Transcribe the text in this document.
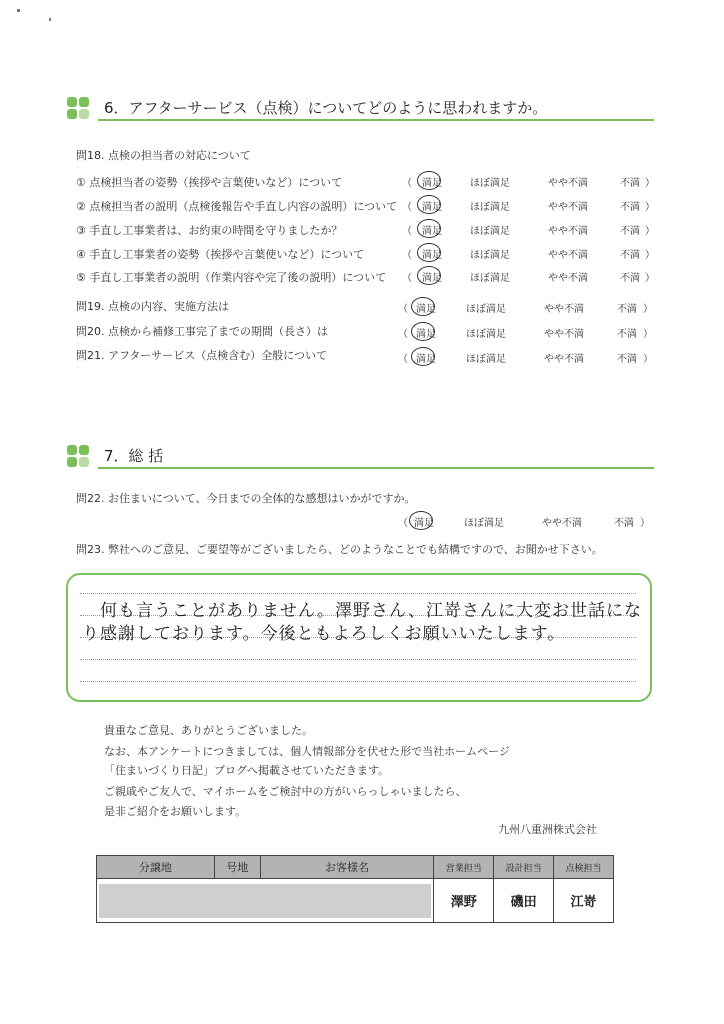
6．アフターサービス（点検）についてどのように思われますか。
問18. 点検の担当者の対応について
① 点検担当者の姿勢（挨拶や言葉使いなど）について	（ 満足	ほぼ満足	やや不満	不満 ）
② 点検担当者の説明（点検後報告や手直し内容の説明）について （ 満足	ほぼ満足	やや不満	不満 ）
③ 手直し工事業者は、お約束の時間を守りましたか？	（ 満足	ほぼ満足	やや不満	不満 ）
④ 手直し工事業者の姿勢（挨拶や言葉使いなど）について	（ 満足	ほぼ満足	やや不満	不満 ）
⑤ 手直し工事業者の説明（作業内容や完了後の説明）について （ 満足	ほぼ満足	やや不満	不満 ）
問19. 点検の内容、実施方法は	（ 満足	ほぼ満足	やや不満	不満 ）
問20. 点検から補修工事完了までの期間（長さ）は	（ 満足	ほぼ満足	やや不満	不満 ）
問21. アフターサービス（点検含む）全般について	（ 満足	ほぼ満足	やや不満	不満 ）
7．総 括
問22. お住まいについて、今日までの全体的な感想はいかがですか。
（ 満足	ほぼ満足	やや不満	不満 ）
問23. 弊社へのご意見、ご要望等がございましたら、どのようなことでも結構ですので、お聞かせ下さい。
何も言うことがありません。澤野さん、江嵜さんに大変お世話にな
り感謝しております。今後ともよろしくお願いいたします。
貴重なご意見、ありがとうございました。
なお、本アンケートにつきましては、個人情報部分を伏せた形で当社ホームページ
「住まいづくり日記」ブログへ掲載させていただきます。
ご親戚やご友人で、マイホームをご検討中の方がいらっしゃいましたら、
是非ご紹介をお願いします。
九州八重洲株式会社
分譲地	号地	お客様名	営業担当	設計担当	点検担当

			澤野	磯田	江嵜
